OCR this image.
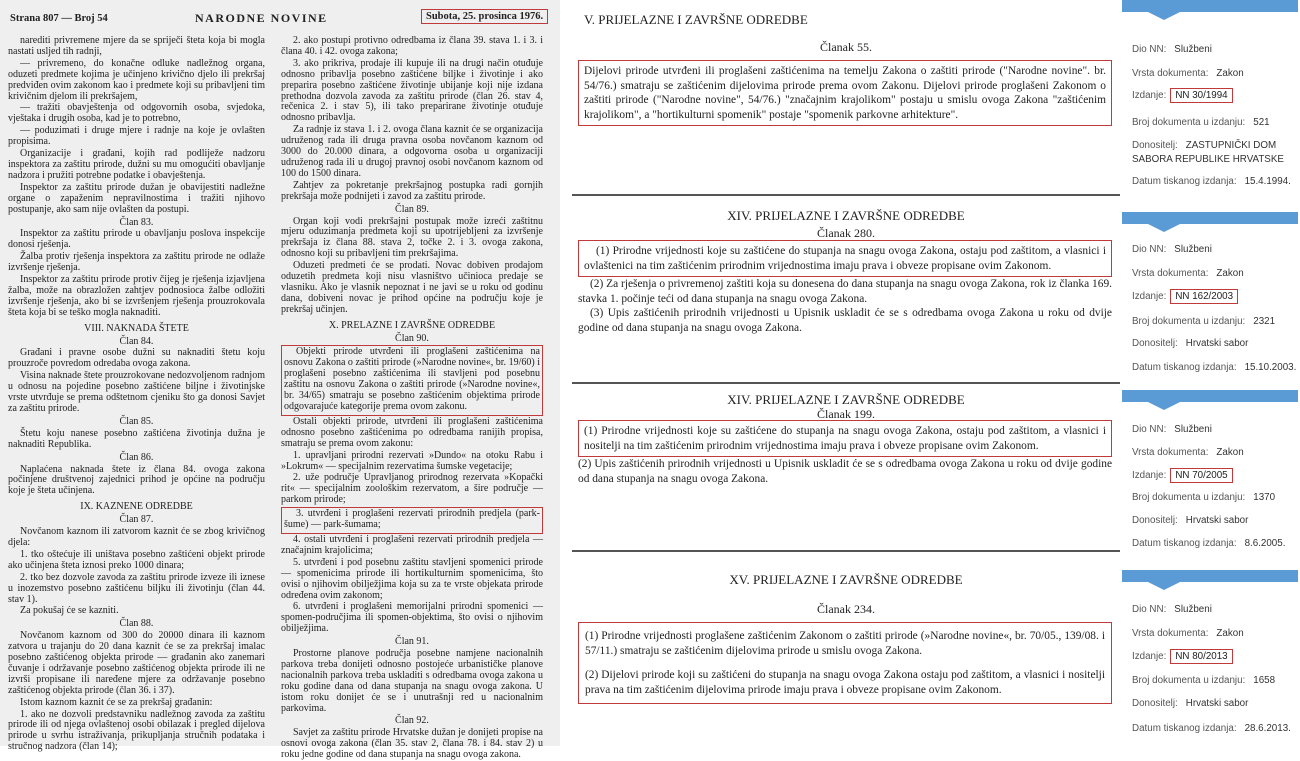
Strana 807 — Broj 54	NARODNE NOVINE	Subota, 25. prosinca 1976.

narediti privremene mjere da se spriječi šteta koja bi mogla nastati usljed tih radnji,

— privremeno, do konačne odluke nadležnog organa, oduzeti predmete kojima je učinjeno krivično djelo ili prekršaj predviđen ovim zakonom kao i predmete koji su pribavljeni tim krivičnim djelom ili prekršajem,

— tražiti obavještenja od odgovornih osoba, svjedoka, vještaka i drugih osoba, kad je to potrebno,

— poduzimati i druge mjere i radnje na koje je ovlašten propisima.

Organizacije i građani, kojih rad podliježe nadzoru inspektora za zaštitu prirode, dužni su mu omogućiti obavljanje nadzora i pružiti potrebne podatke i obavještenja.

Inspektor za zaštitu prirode dužan je obavijestiti nadležne organe o zapaženim nepravilnostima i tražiti njihovo postupanje, ako sam nije ovlašten da postupi.

Član 83.

Inspektor za zaštitu prirode u obavljanju poslova inspekcije donosi rješenja.

Žalba protiv rješenja inspektora za zaštitu prirode ne odlaže izvršenje rješenja.

Inspektor za zaštitu prirode protiv čijeg je rješenja izjavljena žalba, može na obrazložen zahtjev podnosioca žalbe odložiti izvršenje rješenja, ako bi se izvršenjem rješenja prouzrokovala šteta koja bi se teško mogla naknaditi.

VIII. NAKNADA ŠTETE

Član 84.

Građani i pravne osobe dužni su naknaditi štetu koju prouzroče povredom odredaba ovoga zakona.

Visina naknade štete prouzrokovane nedozvoljenom radnjom u odnosu na pojedine posebno zaštićene biljne i životinjske vrste utvrđuje se prema odštetnom cjeniku što ga donosi Savjet za zaštitu prirode.

Član 85.

Štetu koju nanese posebno zaštićena životinja dužna je naknaditi Republika.

Član 86.

Naplaćena naknada štete iz člana 84. ovoga zakona počinjene društvenoj zajednici prihod je općine na području koje je šteta učinjena.

IX. KAZNENE ODREDBE

Član 87.

Novčanom kaznom ili zatvorom kaznit će se zbog krivičnog djela:

1. tko oštećuje ili uništava posebno zaštićeni objekt prirode ako učinjena šteta iznosi preko 1000 dinara;

2. tko bez dozvole zavoda za zaštitu prirode izveze ili iznese u inozemstvo posebno zaštićenu biljku ili životinju (član 44. stav 1).

Za pokušaj će se kazniti.

Član 88.

Novčanom kaznom od 300 do 20000 dinara ili kaznom zatvora u trajanju do 20 dana kaznit će se za prekršaj imalac posebno zaštićenog objekta prirode — građanin ako zanemari čuvanje i održavanje posebno zaštićenog objekta prirode ili ne izvrši propisane ili naređene mjere za održavanje posebno zaštićenog objekta prirode (član 36. i 37).

Istom kaznom kaznit će se za prekršaj građanin:

1. ako ne dozvoli predstavniku nadležnog zavoda za zaštitu prirode ili od njega ovlaštenoj osobi obilazak i pregled dijelova prirode u svrhu istraživanja, prikupljanja stručnih podataka i stručnog nadzora (član 14);

2. ako postupi protivno odredbama iz člana 39. stava 1. i 3. i člana 40. i 42. ovoga zakona;

3. ako prikriva, prodaje ili kupuje ili na drugi način otuđuje odnosno pribavlja posebno zaštićene biljke i životinje i ako preparira posebno zaštićene životinje ubijanje koji nije izdana prethodna dozvola zavoda za zaštitu prirode (član 26. stav 4, rečenica 2. i stav 5), ili tako prepariranе životinje otuđuje odnosno pribavlja.

Za radnje iz stava 1. i 2. ovoga člana kaznit će se organizacija udruženog rada ili druga pravna osoba novčanom kaznom od 3000 do 20.000 dinara, a odgovorna osoba u organizaciji udruženog rada ili u drugoj pravnoj osobi novčanom kaznom od 100 do 1500 dinara.

Zahtjev za pokretanje prekršajnog postupka radi gornjih prekršaja može podnijeti i zavod za zaštitu prirode.

Član 89.

Organ koji vodi prekršajni postupak može izreći zaštitnu mjeru oduzimanja predmeta koji su upotrijebljeni za izvršenje prekršaja iz člana 88. stava 2, točke 2. i 3. ovoga zakona, odnosno koji su pribavljeni tim prekršajima.

Oduzeti predmeti će se prodati. Novac dobiven prodajom oduzetih predmeta koji nisu vlasništvo učinioca predaje se vlasniku. Ako je vlasnik nepoznat i ne javi se u roku od godinu dana, dobiveni novac je prihod općine na području koje je prekršaj učinjen.

X. PRELAZNE I ZAVRŠNE ODREDBE

Član 90.

Objekti prirode utvrđeni ili proglašeni zaštićenima na osnovu Zakona o zaštiti prirode (»Narodne novine«, br. 19/60) i proglašeni posebno zaštićenima ili stavljeni pod posebnu zaštitu na osnovu Zakona o zaštiti prirode (»Narodne novine«, br. 34/65) smatraju se posebno zaštićenim objektima prirode odgovarajuće kategorije prema ovom zakonu.

Ostali objekti prirode, utvrđeni ili proglašeni zaštićenima odnosno posebno zaštićenima po odredbama ranijih propisa, smatraju se prema ovom zakonu:

1. upravljani prirodni rezervati »Dundo« na otoku Rabu i »Lokrum« — specijalnim rezervatima šumske vegetacije;

2. uže područje Upravljanog prirodnog rezervata »Kopački rit« — specijalnim zoološkim rezervatom, a šire područje — parkom prirode;

3. utvrđeni i proglašeni rezervati prirodnih predjela (park-šume) — park-šumama;

4. ostali utvrđeni i proglašeni rezervati prirodnih predjela — značajnim krajolicima;

5. utvrđeni i pod posebnu zaštitu stavljeni spomenici prirode — spomenicima prirode ili hortikulturnim spomenicima, što ovisi o njihovim obilježjima koja su za te vrste objekata prirode određena ovim zakonom;

6. utvrđeni i proglašeni memorijalni prirodni spomenici — spomen-područjima ili spomen-objektima, što ovisi o njihovim obilježjima.

Član 91.

Prostorne planove područja posebne namjene nacionalnih parkova treba donijeti odnosno postojeće urbanističke planove nacionalnih parkova treba uskladiti s odredbama ovoga zakona u roku godine dana od dana stupanja na snagu ovoga zakona. U istom roku donijet će se i unutrašnji red u nacionalnim parkovima.

Član 92.

Savjet za zaštitu prirode Hrvatske dužan je donijeti propise na osnovi ovoga zakona (član 35. stav 2, člana 78. i 84. stav 2) u roku jedne godine od dana stupanja na snagu ovoga zakona.

V. PRIJELAZNE I ZAVRŠNE ODREDBE
Članak 55.

Dijelovi prirode utvrđeni ili proglašeni zaštićenima na temelju Zakona o zaštiti prirode ("Narodne novine". br. 54/76.) smatraju se zaštićenim dijelovima prirode prema ovom Zakonu. Dijelovi prirode proglašeni Zakonom o zaštiti prirode ("Narodne novine", 54/76.) "značajnim krajolikom" postaju u smislu ovoga Zakona "zaštićenim krajolikom", a "hortikulturni spomenik" postaje "spomenik parkovne arhitekture".

XIV. PRIJELAZNE I ZAVRŠNE ODREDBE
Članak 280.

(1) Prirodne vrijednosti koje su zaštićene do stupanja na snagu ovoga Zakona, ostaju pod zaštitom, a vlasnici i ovlaštenici na tim zaštićenim prirodnim vrijednostima imaju prava i obveze propisane ovim Zakonom.

(2) Za rješenja o privremenoj zaštiti koja su donesena do dana stupanja na snagu ovoga Zakona, rok iz članka 169. stavka 1. počinje teći od dana stupanja na snagu ovoga Zakona.

(3) Upis zaštićenih prirodnih vrijednosti u Upisnik uskladit će se s odredbama ovoga Zakona u roku od dvije godine od dana stupanja na snagu ovoga Zakona.

XIV. PRIJELAZNE I ZAVRŠNE ODREDBE
Članak 199.

(1) Prirodne vrijednosti koje su zaštićene do stupanja na snagu ovoga Zakona, ostaju pod zaštitom, a vlasnici i nositelji na tim zaštićenim prirodnim vrijednostima imaju prava i obveze propisane ovim Zakonom.

(2) Upis zaštićenih prirodnih vrijednosti u Upisnik uskladit će se s odredbama ovoga Zakona u roku od dvije godine od dana stupanja na snagu ovoga Zakona.

XV. PRIJELAZNE I ZAVRŠNE ODREDBE
Članak 234.

(1) Prirodne vrijednosti proglašene zaštićenim Zakonom o zaštiti prirode (»Narodne novine«, br. 70/05., 139/08. i 57/11.) smatraju se zaštićenim dijelovima prirode u smislu ovoga Zakona.

(2) Dijelovi prirode koji su zaštićeni do stupanja na snagu ovoga Zakona ostaju pod zaštitom, a vlasnici i nositelji prava na tim zaštićenim dijelovima prirode imaju prava i obveze propisane ovim Zakonom.

Dio NN: Službeni
Vrsta dokumenta: Zakon
Izdanje: NN 30/1994
Broj dokumenta u izdanju: 521
Donositelj: ZASTUPNIČKI DOM SABORA REPUBLIKE HRVATSKE
Datum tiskanog izdanja: 15.4.1994.
Dio NN: Službeni
Vrsta dokumenta: Zakon
Izdanje: NN 162/2003
Broj dokumenta u izdanju: 2321
Donositelj: Hrvatski sabor
Datum tiskanog izdanja: 15.10.2003.
Dio NN: Službeni
Vrsta dokumenta: Zakon
Izdanje: NN 70/2005
Broj dokumenta u izdanju: 1370
Donositelj: Hrvatski sabor
Datum tiskanog izdanja: 8.6.2005.
Dio NN: Službeni
Vrsta dokumenta: Zakon
Izdanje: NN 80/2013
Broj dokumenta u izdanju: 1658
Donositelj: Hrvatski sabor
Datum tiskanog izdanja: 28.6.2013.
